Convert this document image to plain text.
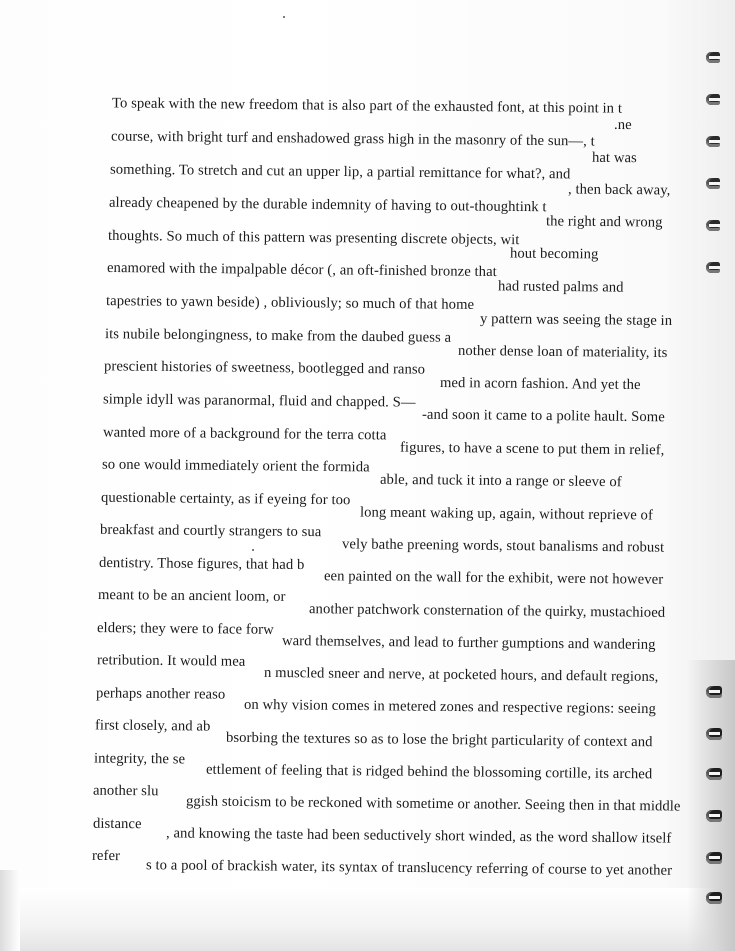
To speak with the new freedom that is also part of the exhausted font, at this point in t
.ne
course, with bright turf and enshadowed grass high in the masonry of the sun—, t
hat was
something. To stretch and cut an upper lip, a partial remittance for what?, and
, then back away,
already cheapened by the durable indemnity of having to out-thoughtink t
the right and wrong
thoughts. So much of this pattern was presenting discrete objects, wit
hout becoming
enamored with the impalpable décor (, an oft-finished bronze that
had rusted palms and
tapestries to yawn beside) , obliviously; so much of that home
y pattern was seeing the stage in
its nubile belongingness, to make from the daubed guess a
nother dense loan of materiality, its
prescient histories of sweetness, bootlegged and ranso
med in acorn fashion. And yet the
simple idyll was paranormal, fluid and chapped. S—
-and soon it came to a polite hault. Some
wanted more of a background for the terra cotta
figures, to have a scene to put them in relief,
so one would immediately orient the formida
able, and tuck it into a range or sleeve of
questionable certainty, as if eyeing for too
long meant waking up, again, without reprieve of
breakfast and courtly strangers to sua
vely bathe preening words, stout banalisms and robust
dentistry. Those figures, that had b
een painted on the wall for the exhibit, were not however
meant to be an ancient loom, or
another patchwork consternation of the quirky, mustachioed
elders; they were to face forw
ward themselves, and lead to further gumptions and wandering
retribution. It would mea
n muscled sneer and nerve, at pocketed hours, and default regions,
perhaps another reaso
on why vision comes in metered zones and respective regions: seeing
first closely, and ab
bsorbing the textures so as to lose the bright particularity of context and
integrity, the se
ettlement of feeling that is ridged behind the blossoming cortille, its arched
another slu
ggish stoicism to be reckoned with sometime or another. Seeing then in that middle
distance
, and knowing the taste had been seductively short winded, as the word shallow itself
refer
s to a pool of brackish water, its syntax of translucency referring of course to yet another
